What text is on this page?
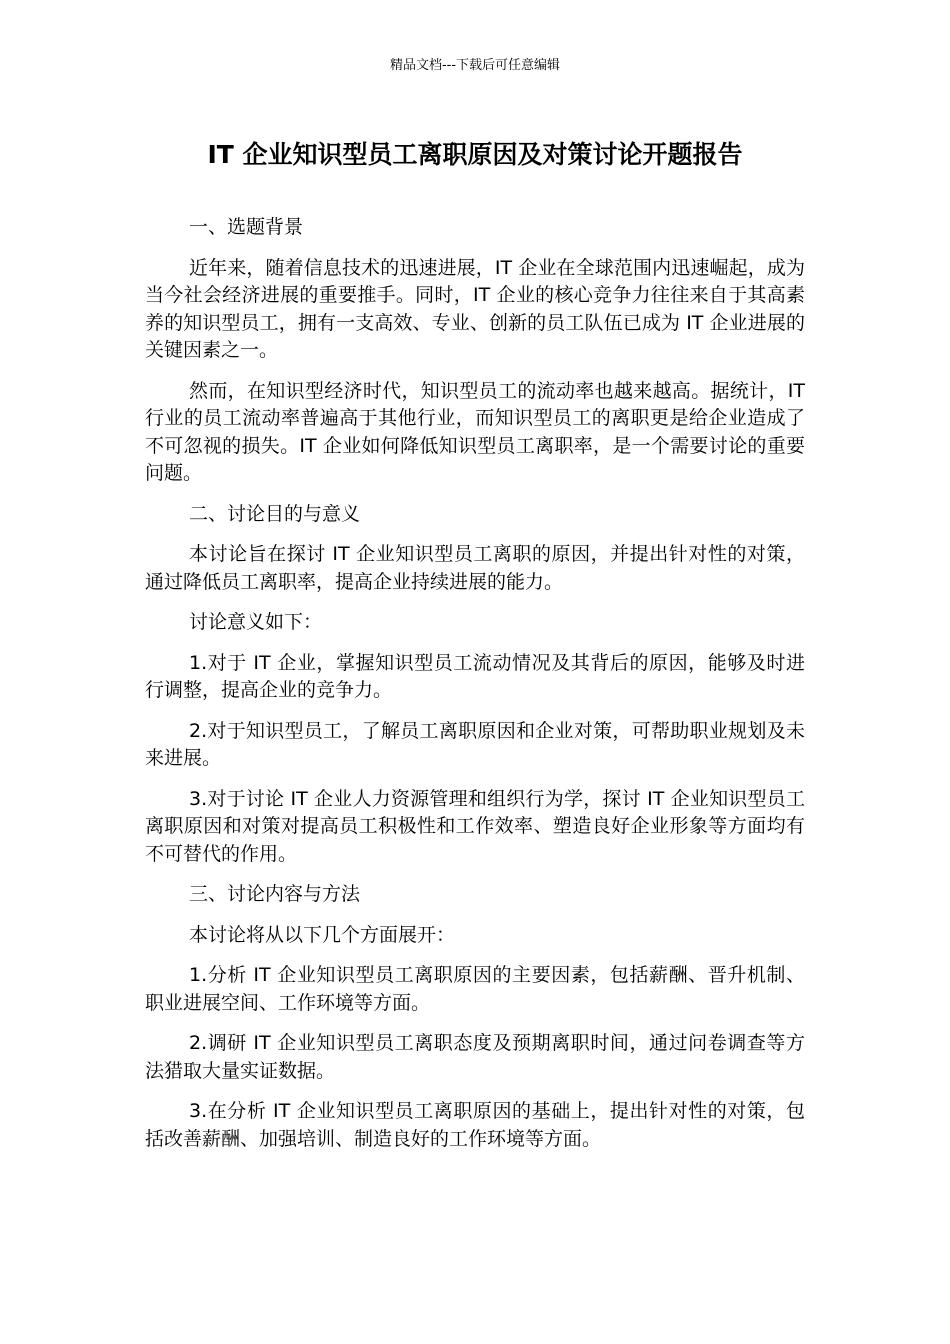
精品文档---下载后可任意编辑
IT 企业知识型员工离职原因及对策讨论开题报告

一、选题背景

近年来，随着信息技术的迅速进展，IT 企业在全球范围内迅速崛起，成为当今社会经济进展的重要推手。同时，IT 企业的核心竞争力往往来自于其高素养的知识型员工，拥有一支高效、专业、创新的员工队伍已成为 IT 企业进展的关键因素之一。

然而，在知识型经济时代，知识型员工的流动率也越来越高。据统计，IT 行业的员工流动率普遍高于其他行业，而知识型员工的离职更是给企业造成了不可忽视的损失。IT 企业如何降低知识型员工离职率，是一个需要讨论的重要问题。

二、讨论目的与意义

本讨论旨在探讨 IT 企业知识型员工离职的原因，并提出针对性的对策，通过降低员工离职率，提高企业持续进展的能力。

讨论意义如下：

1.对于 IT 企业，掌握知识型员工流动情况及其背后的原因，能够及时进行调整，提高企业的竞争力。

2.对于知识型员工，了解员工离职原因和企业对策，可帮助职业规划及未来进展。

3.对于讨论 IT 企业人力资源管理和组织行为学，探讨 IT 企业知识型员工离职原因和对策对提高员工积极性和工作效率、塑造良好企业形象等方面均有不可替代的作用。

三、讨论内容与方法

本讨论将从以下几个方面展开：

1.分析 IT 企业知识型员工离职原因的主要因素，包括薪酬、晋升机制、职业进展空间、工作环境等方面。

2.调研 IT 企业知识型员工离职态度及预期离职时间，通过问卷调查等方法猎取大量实证数据。

3.在分析 IT 企业知识型员工离职原因的基础上，提出针对性的对策，包括改善薪酬、加强培训、制造良好的工作环境等方面。
